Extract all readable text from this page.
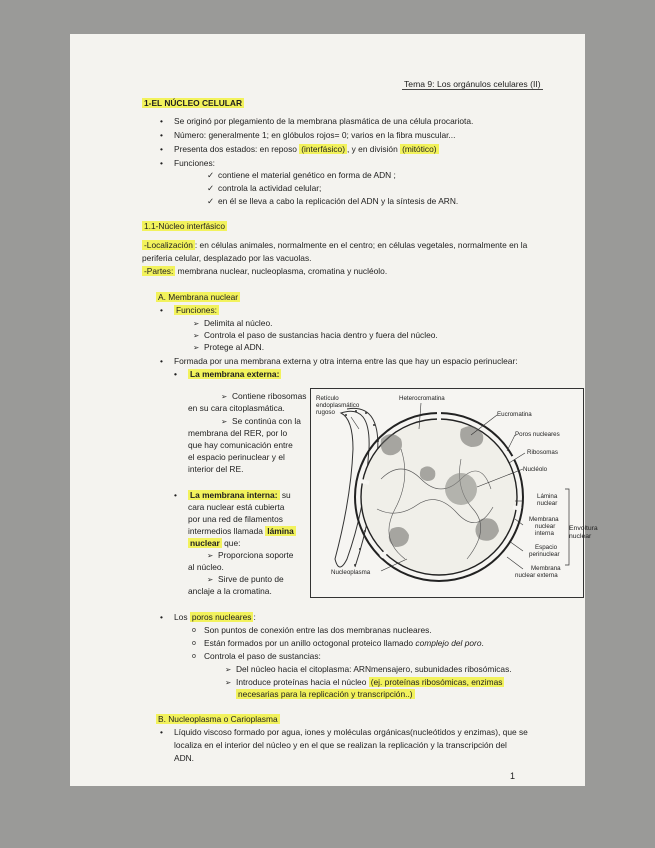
Tema 9: Los orgánulos celulares (II)
1-EL NÚCLEO CELULAR
• Se originó por plegamiento de la membrana plasmática de una célula procariota.
• Número: generalmente 1; en glóbulos rojos= 0; varios en la fibra muscular...
• Presenta dos estados: en reposo (interfásico) , y en división (mitótico)
• Funciones:
✓ contiene el material genético en forma de ADN ;
✓ controla la actividad celular;
✓ en él se lleva a cabo la replicación del ADN y la síntesis de ARN.
1.1-Núcleo interfásico
-Localización : en células animales, normalmente en el centro; en células vegetales, normalmente en la
periferia celular, desplazado por las vacuolas.
-Partes: membrana nuclear, nucleoplasma, cromatina y nucléolo.
A. Membrana nuclear
• Funciones:
➢ Delimita al núcleo.
➢ Controla el paso de sustancias hacia dentro y fuera del núcleo.
➢ Protege al ADN.
• Formada por una membrana externa y otra interna entre las que hay un espacio perinuclear:
• La membrana externa:
➢ Contiene ribosomas
en su cara citoplasmática.
➢ Se continúa con la
membrana del RER, por lo
que hay comunicación entre
el espacio perinuclear y el
interior del RE.
• La membrana interna: su
cara nuclear está cubierta
por una red de filamentos
intermedios llamada lámina
nuclear que:
➢ Proporciona soporte
al núcleo.
➢ Sirve de punto de
anclaje a la cromatina.
Retículo
endoplasmático
rugoso
Heterocromatina
Eucromatina
Poros nucleares
Ribosomas
Nucléolo
Lámina
nuclear
Membrana
nuclear
interna
Envoltura
nuclear
Espacio
perinuclear
Nucleoplasma
Membrana
nuclear externa
• Los poros nucleares :
o Son puntos de conexión entre las dos membranas nucleares.
o Están formados por un anillo octogonal proteico llamado complejo del poro.
o Controla el paso de sustancias:
➢ Del núcleo hacia el citoplasma: ARNmensajero, subunidades ribosómicas.
➢ Introduce proteínas hacia el núcleo (ej. proteínas ribosómicas, enzimas
necesarias para la replicación y transcripción..)
B. Nucleoplasma o Carioplasma
• Líquido viscoso formado por agua, iones y moléculas orgánicas(nucleótidos y enzimas), que se
localiza en el interior del núcleo y en el que se realizan la replicación y la transcripción del
ADN.
1
